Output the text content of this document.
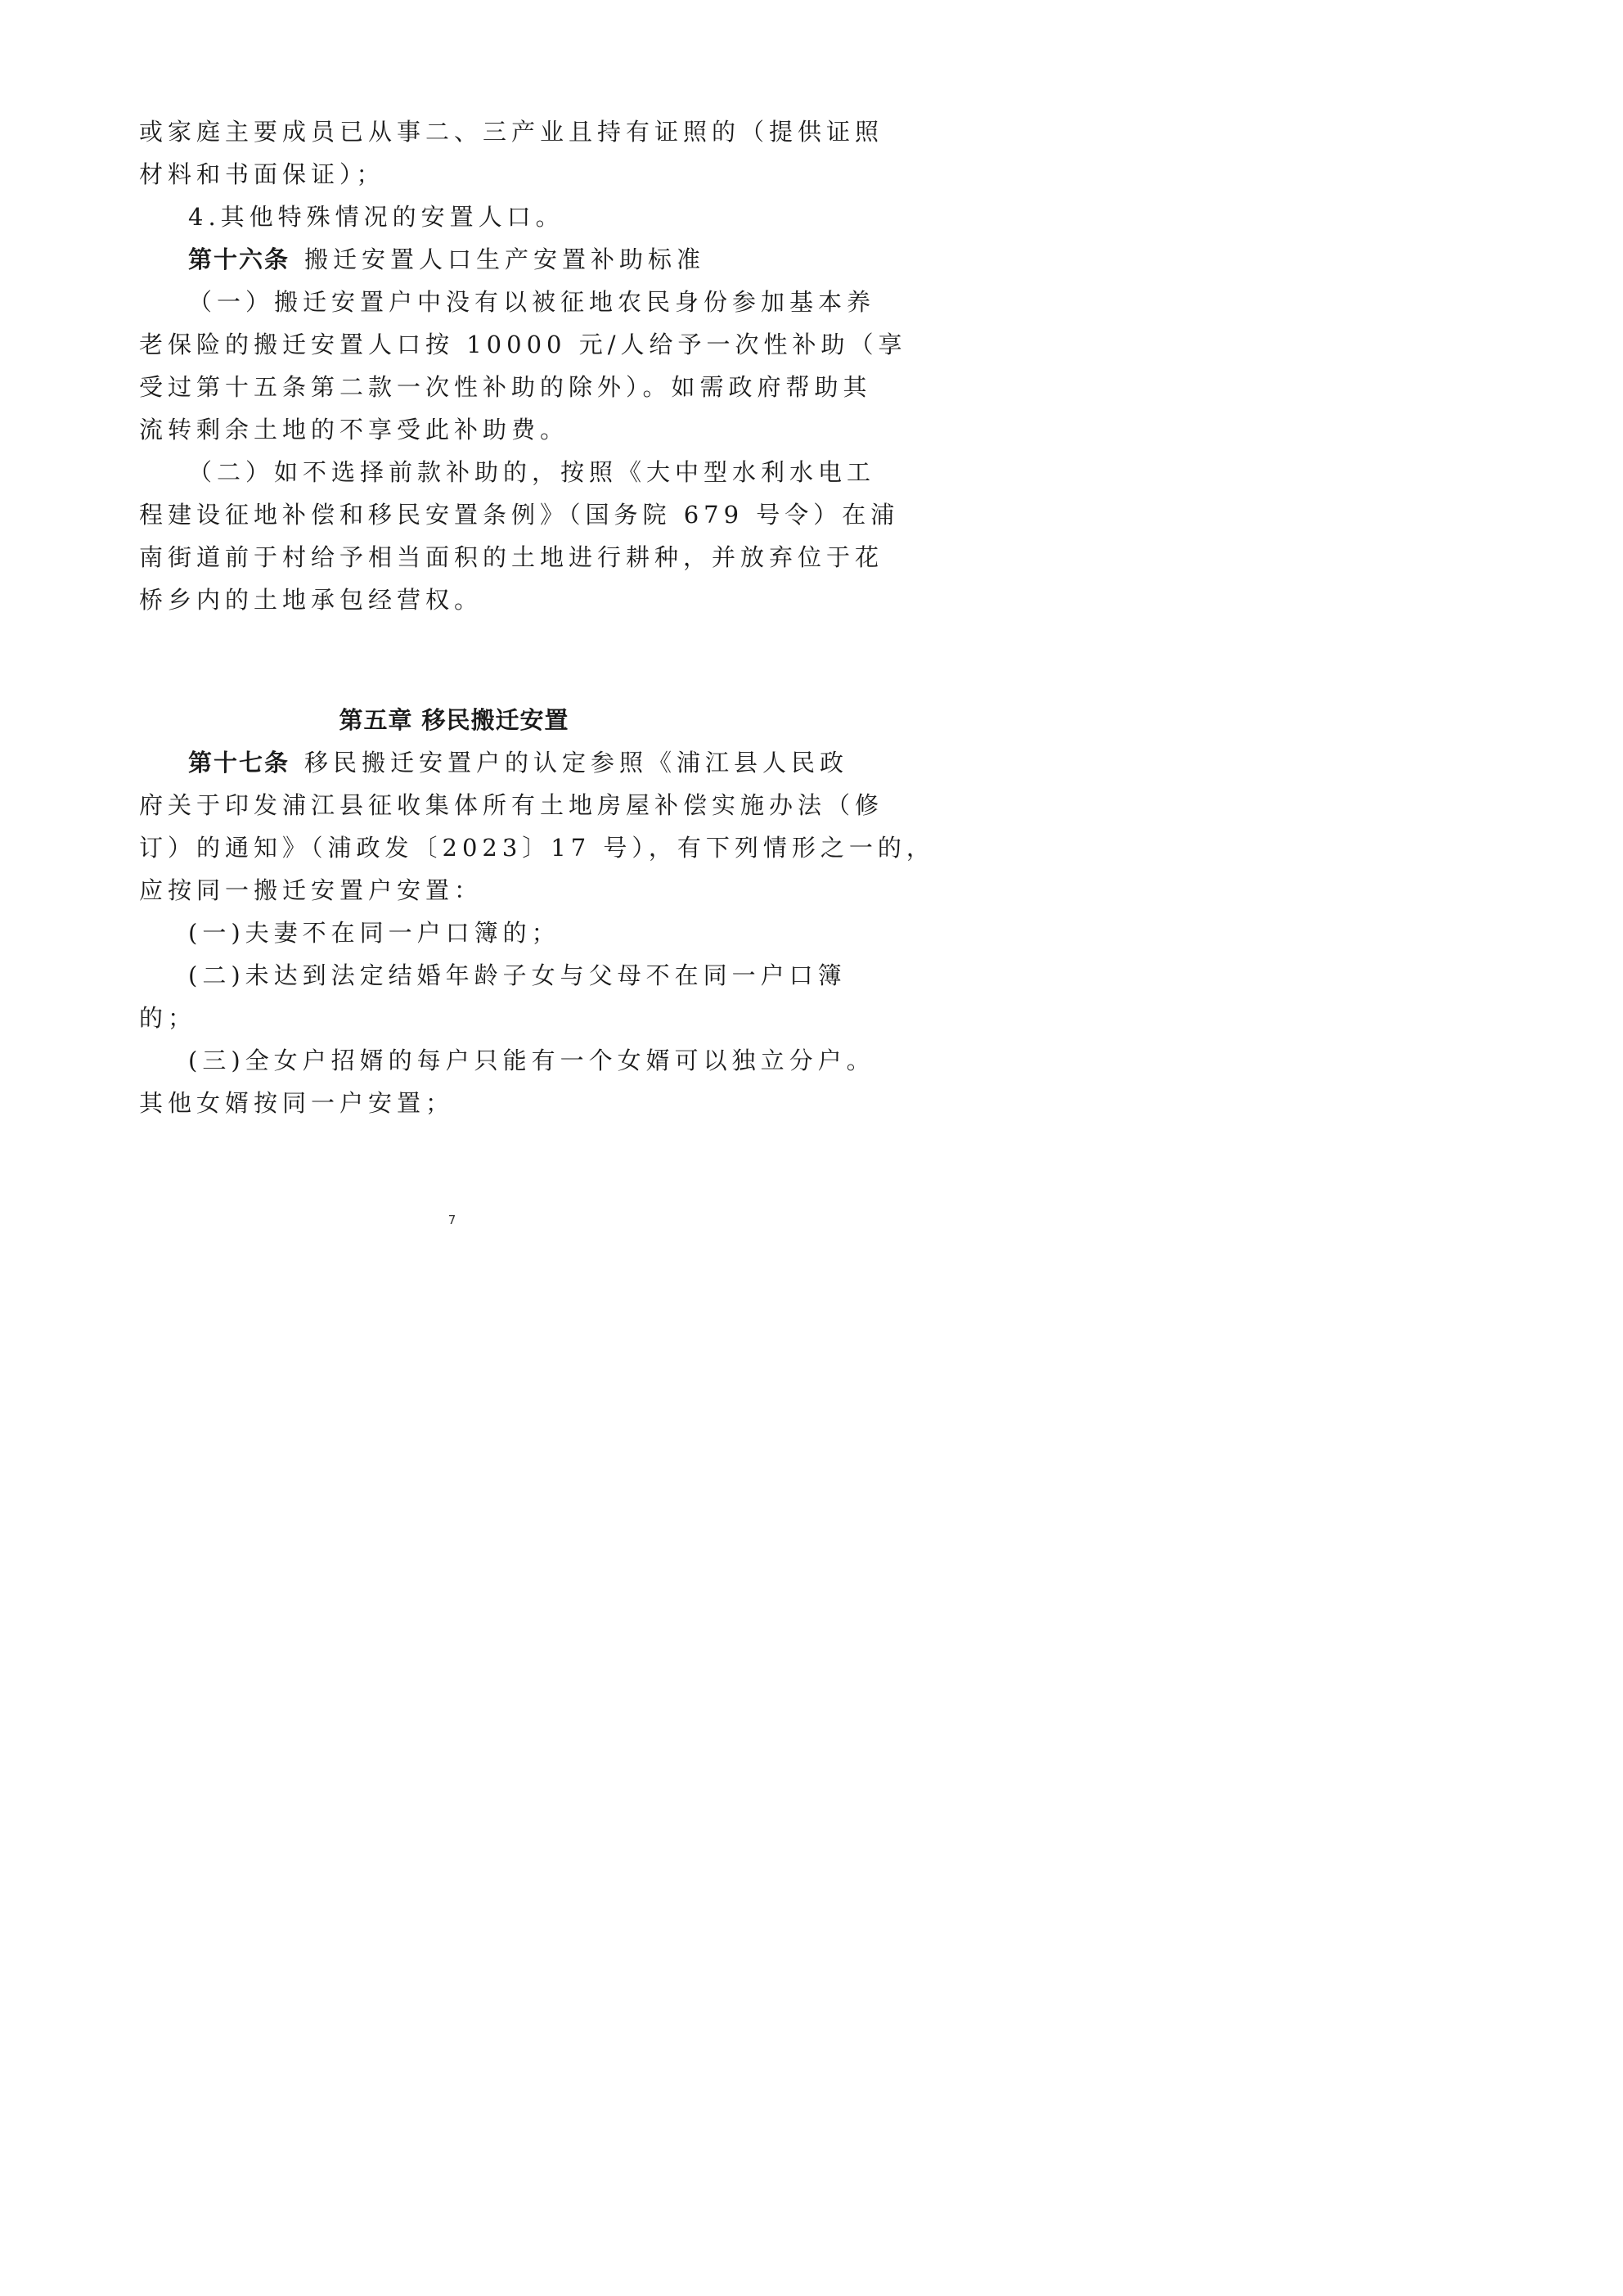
或家庭主要成员已从事二、三产业且持有证照的（提供证照
材料和书面保证）；
4.其他特殊情况的安置人口。
第十六条 搬迁安置人口生产安置补助标准
（一）搬迁安置户中没有以被征地农民身份参加基本养
老保险的搬迁安置人口按 10000 元/人给予一次性补助（享
受过第十五条第二款一次性补助的除外）。如需政府帮助其
流转剩余土地的不享受此补助费。
（二）如不选择前款补助的，按照《大中型水利水电工
程建设征地补偿和移民安置条例》（国务院 679 号令）在浦
南街道前于村给予相当面积的土地进行耕种，并放弃位于花
桥乡内的土地承包经营权。
第五章 移民搬迁安置
第十七条 移民搬迁安置户的认定参照《浦江县人民政
府关于印发浦江县征收集体所有土地房屋补偿实施办法（修
订）的通知》（浦政发〔2023〕17 号），有下列情形之一的，
应按同一搬迁安置户安置：
(一)夫妻不在同一户口簿的；
(二)未达到法定结婚年龄子女与父母不在同一户口簿
的；
(三)全女户招婿的每户只能有一个女婿可以独立分户。
其他女婿按同一户安置；
7
